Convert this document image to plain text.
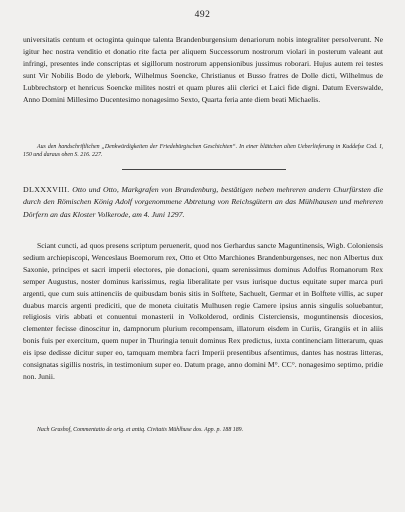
492

universitatis centum et octoginta quinque talenta Brandenburgensium denariorum nobis integraliter persolverunt. Ne igitur hec nostra venditio et donatio rite facta per aliquem Successorum nostrorum violari in posterum valeant aut infringi, presentes inde conscriptas et sigillorum nostrorum appensionibus jussimus roborari. Hujus autem rei testes sunt Vir Nobilis Bodo de ylebork, Wilhelmus Soencke, Christianus et Busso fratres de Dolle dicti, Wilhelmus de Lubbrechstorp et henricus Soencke milites nostri et quam plures alii clerici et Laici fide digni. Datum Everswalde, Anno Domini Millesimo Ducentesimo nonagesimo Sexto, Quarta feria ante diem beati Michaelis.

Aus den handschriftlichen „Denkwürdigkeiten der Friedebürgischen Geschichten“. In einer blättchen alten Ueberlieferung in Kuddefse Cod. I, 150 und daraus oben S. 216. 227.

DLXXXVIII. Otto und Otto, Markgrafen von Brandenburg, bestätigen neben mehreren andern Churfürsten die durch den Römischen König Adolf vorgenommene Abtretung von Reichsgütern an das Mühlhausen und mehreren Dörfern an das Kloster Volkerode, am 4. Juni 1297.

Sciant cuncti, ad quos presens scriptum peruenerit, quod nos Gerhardus sancte Maguntinensis, Wigb. Coloniensis sedium archiepiscopi, Wenceslaus Boemorum rex, Otto et Otto Marchiones Brandenburgenses, nec non Albertus dux Saxonie, principes et sacri imperii electores, pie donacioni, quam serenissimus dominus Adolfus Romanorum Rex semper Augustus, noster dominus karissimus, regia liberalitate per vsus iurisque ductus equitate super marca puri argenti, que cum suis attinenciis de quibusdam bonis sitis in Solftete, Sachuelt, Germar et in Bolftete villis, ac super duabus marcis argenti prediciti, que de moneta ciuitatis Mulhusen regie Camere ipsius annis singulis soluebantur, religiosis viris abbati et conuentui monasterii in Volkolderod, ordinis Cisterciensis, moguntinensis diocesios, clementer fecisse dinoscitur in, dampnorum plurium recompensam, illatorum eisdem in Curiis, Grangiis et in aliis bonis fuis per exercitum, quem nuper in Thuringia tenuit dominus Rex predictus, iuxta continenciam litterarum, quas eis ipse dedisse dicitur super eo, tamquam membra facri Imperii presentibus afsentimus, dantes has nostras litteras, consignatas sigillis nostris, in testimonium super eo. Datum prage, anno domini M°. CC°. nonagesimo septimo, pridie non. Junii.

Nach Grashof, Commentatio de orig. et antiq. Civitatis Mühlhuse dos. App. p. 188 189.
